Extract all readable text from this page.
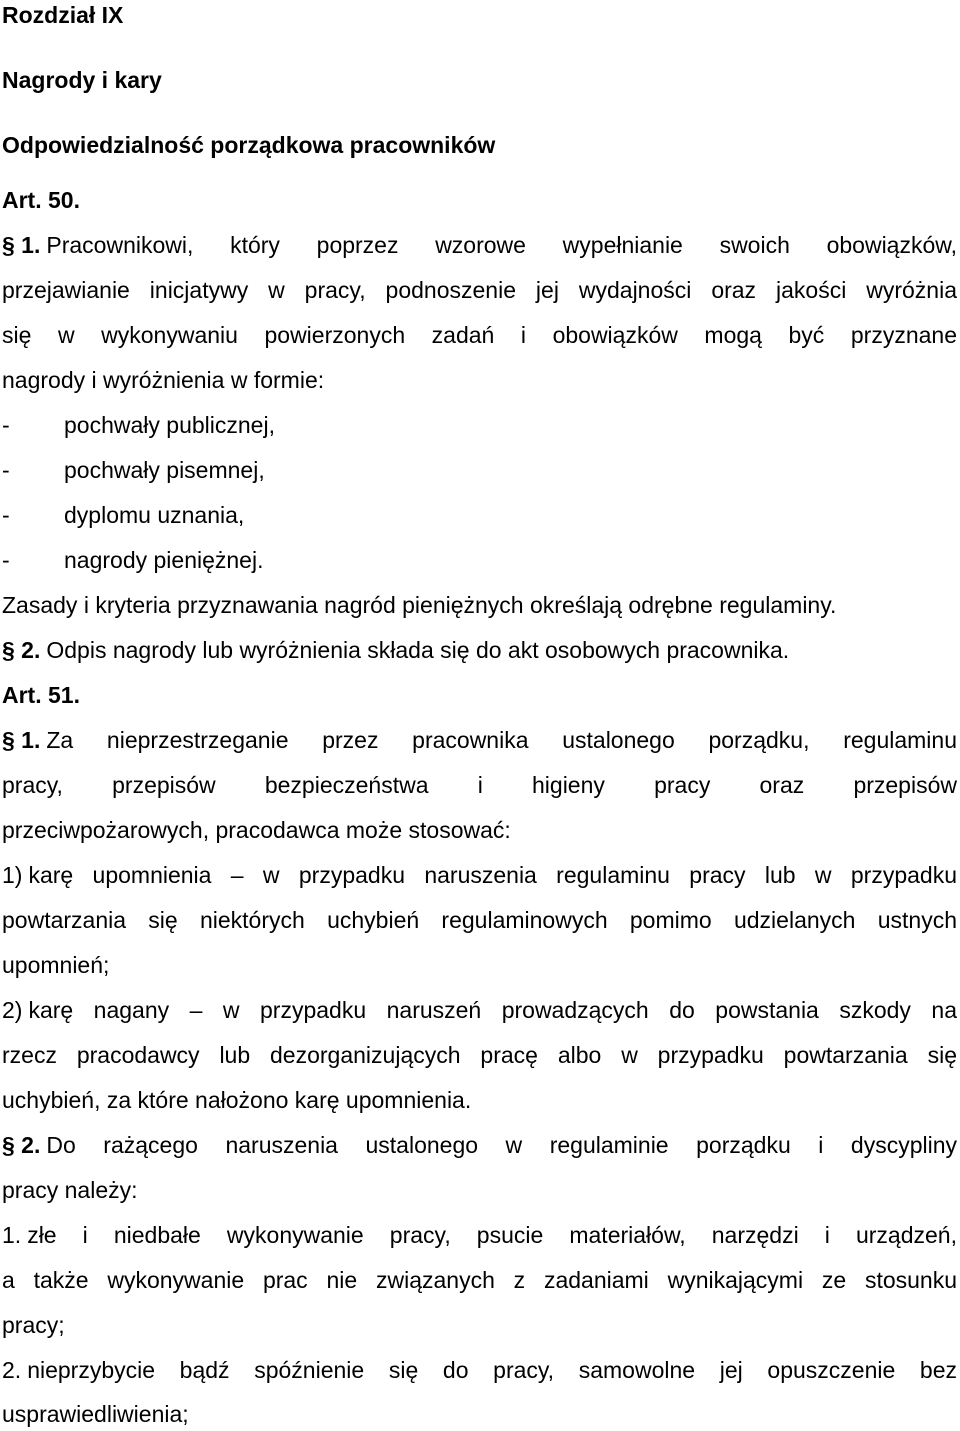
Rozdział IX
Nagrody i kary
Odpowiedzialność porządkowa pracowników
Art. 50.
§ 1. Pracownikowi, który poprzez wzorowe wypełnianie swoich obowiązków,
przejawianie inicjatywy w pracy, podnoszenie jej wydajności oraz jakości wyróżnia
się w wykonywaniu powierzonych zadań i obowiązków mogą być przyznane
nagrody i wyróżnienia w formie:
- pochwały publicznej,
- pochwały pisemnej,
- dyplomu uznania,
- nagrody pieniężnej.
Zasady i kryteria przyznawania nagród pieniężnych określają odrębne regulaminy.
§ 2. Odpis nagrody lub wyróżnienia składa się do akt osobowych pracownika.
Art. 51.
§ 1. Za nieprzestrzeganie przez pracownika ustalonego porządku, regulaminu
pracy, przepisów bezpieczeństwa i higieny pracy oraz przepisów
przeciwpożarowych, pracodawca może stosować:
1) karę upomnienia – w przypadku naruszenia regulaminu pracy lub w przypadku
powtarzania się niektórych uchybień regulaminowych pomimo udzielanych ustnych
upomnień;
2) karę nagany – w przypadku naruszeń prowadzących do powstania szkody na
rzecz pracodawcy lub dezorganizujących pracę albo w przypadku powtarzania się
uchybień, za które nałożono karę upomnienia.
§ 2. Do rażącego naruszenia ustalonego w regulaminie porządku i dyscypliny
pracy należy:
1. złe i niedbałe wykonywanie pracy, psucie materiałów, narzędzi i urządzeń,
a także wykonywanie prac nie związanych z zadaniami wynikającymi ze stosunku
pracy;
2. nieprzybycie bądź spóźnienie się do pracy, samowolne jej opuszczenie bez
usprawiedliwienia;
